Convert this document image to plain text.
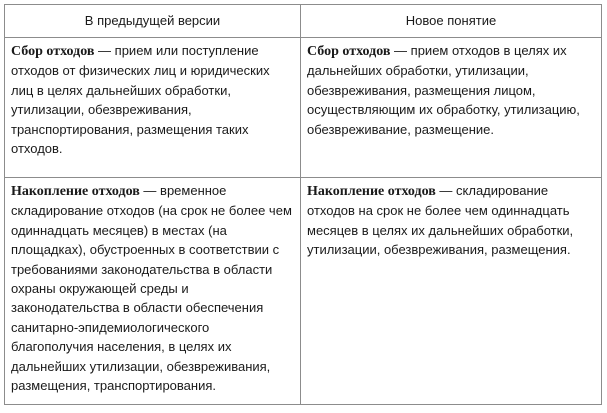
В предыдущей версии	Новое понятие
Сбор отходов — прием или поступление отходов от физических лиц и юридических лиц в целях дальнейших обработки, утилизации, обезвреживания, транспортирования, размещения таких отходов.	Сбор отходов — прием отходов в целях их дальнейших обработки, утилизации, обезвреживания, размещения лицом, осуществляющим их обработку, утилизацию, обезвреживание, размещение.
Накопление отходов — временное складирование отходов (на срок не более чем одиннадцать месяцев) в местах (на площадках), обустроенных в соответствии с требованиями законодательства в области охраны окружающей среды и законодательства в области обеспечения санитарно-эпидемиологического благополучия населения, в целях их дальнейших утилизации, обезвреживания, размещения, транспортирования.	Накопление отходов — складирование отходов на срок не более чем одиннадцать месяцев в целях их дальнейших обработки, утилизации, обезвреживания, размещения.
